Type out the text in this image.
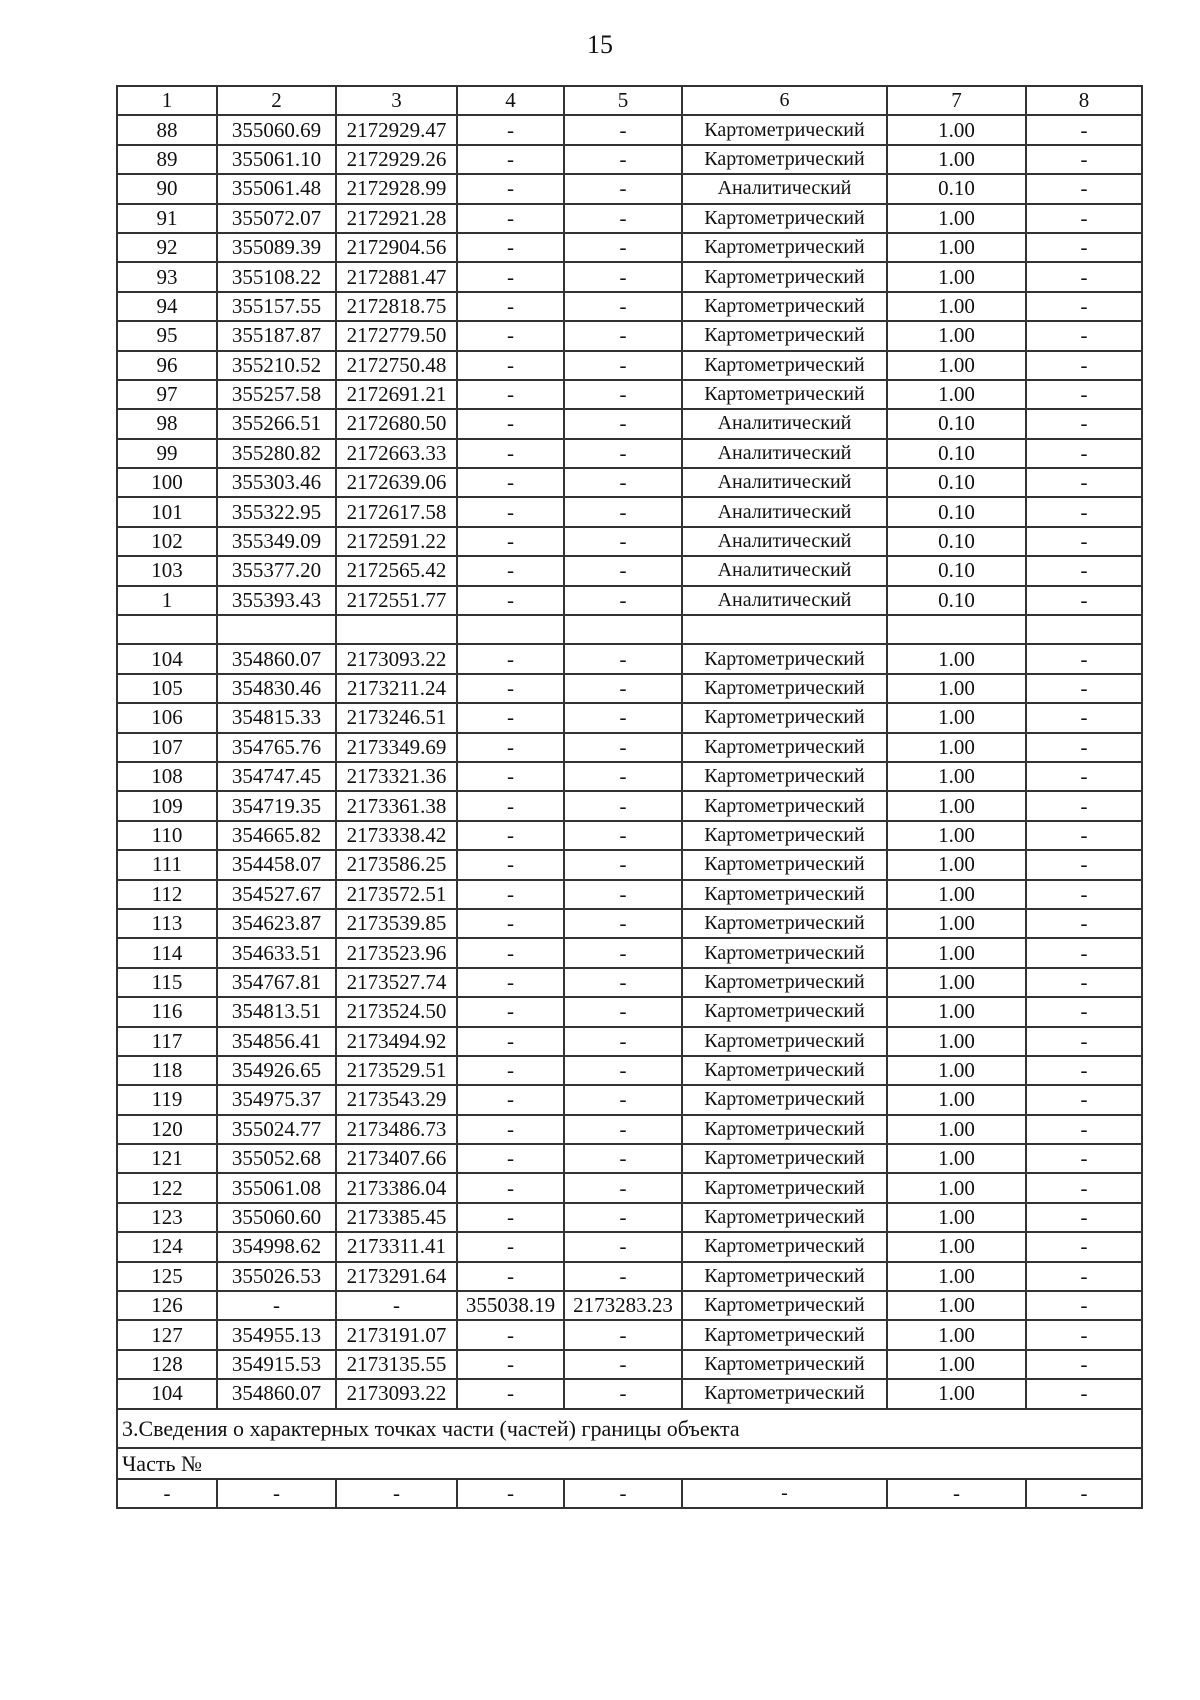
15
1	2	3	4	5	6	7	8
88	355060.69	2172929.47	-	-	Картометрический	1.00	-
89	355061.10	2172929.26	-	-	Картометрический	1.00	-
90	355061.48	2172928.99	-	-	Аналитический	0.10	-
91	355072.07	2172921.28	-	-	Картометрический	1.00	-
92	355089.39	2172904.56	-	-	Картометрический	1.00	-
93	355108.22	2172881.47	-	-	Картометрический	1.00	-
94	355157.55	2172818.75	-	-	Картометрический	1.00	-
95	355187.87	2172779.50	-	-	Картометрический	1.00	-
96	355210.52	2172750.48	-	-	Картометрический	1.00	-
97	355257.58	2172691.21	-	-	Картометрический	1.00	-
98	355266.51	2172680.50	-	-	Аналитический	0.10	-
99	355280.82	2172663.33	-	-	Аналитический	0.10	-
100	355303.46	2172639.06	-	-	Аналитический	0.10	-
101	355322.95	2172617.58	-	-	Аналитический	0.10	-
102	355349.09	2172591.22	-	-	Аналитический	0.10	-
103	355377.20	2172565.42	-	-	Аналитический	0.10	-
1	355393.43	2172551.77	-	-	Аналитический	0.10	-

104	354860.07	2173093.22	-	-	Картометрический	1.00	-
105	354830.46	2173211.24	-	-	Картометрический	1.00	-
106	354815.33	2173246.51	-	-	Картометрический	1.00	-
107	354765.76	2173349.69	-	-	Картометрический	1.00	-
108	354747.45	2173321.36	-	-	Картометрический	1.00	-
109	354719.35	2173361.38	-	-	Картометрический	1.00	-
110	354665.82	2173338.42	-	-	Картометрический	1.00	-
111	354458.07	2173586.25	-	-	Картометрический	1.00	-
112	354527.67	2173572.51	-	-	Картометрический	1.00	-
113	354623.87	2173539.85	-	-	Картометрический	1.00	-
114	354633.51	2173523.96	-	-	Картометрический	1.00	-
115	354767.81	2173527.74	-	-	Картометрический	1.00	-
116	354813.51	2173524.50	-	-	Картометрический	1.00	-
117	354856.41	2173494.92	-	-	Картометрический	1.00	-
118	354926.65	2173529.51	-	-	Картометрический	1.00	-
119	354975.37	2173543.29	-	-	Картометрический	1.00	-
120	355024.77	2173486.73	-	-	Картометрический	1.00	-
121	355052.68	2173407.66	-	-	Картометрический	1.00	-
122	355061.08	2173386.04	-	-	Картометрический	1.00	-
123	355060.60	2173385.45	-	-	Картометрический	1.00	-
124	354998.62	2173311.41	-	-	Картометрический	1.00	-
125	355026.53	2173291.64	-	-	Картометрический	1.00	-
126	-	-	355038.19	2173283.23	Картометрический	1.00	-
127	354955.13	2173191.07	-	-	Картометрический	1.00	-
128	354915.53	2173135.55	-	-	Картометрический	1.00	-
104	354860.07	2173093.22	-	-	Картометрический	1.00	-
3.Сведения о характерных точках части (частей) границы объекта							
Часть №							
-	-	-	-	-	-	-	-
